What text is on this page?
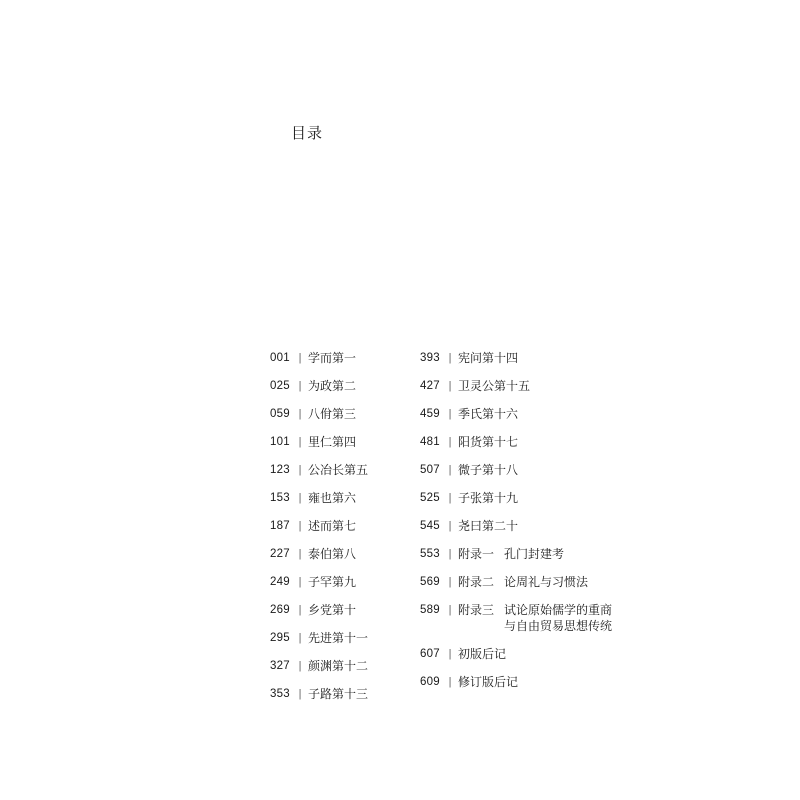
目录
001 | 学而第一
025 | 为政第二
059 | 八佾第三
101 | 里仁第四
123 | 公冶长第五
153 | 雍也第六
187 | 述而第七
227 | 泰伯第八
249 | 子罕第九
269 | 乡党第十
295 | 先进第十一
327 | 颜渊第十二
353 | 子路第十三
393 | 宪问第十四
427 | 卫灵公第十五
459 | 季氏第十六
481 | 阳货第十七
507 | 微子第十八
525 | 子张第十九
545 | 尧曰第二十
553 | 附录一 孔门封建考
569 | 附录二 论周礼与习惯法
589 | 附录三 试论原始儒学的重商
与自由贸易思想传统
607 | 初版后记
609 | 修订版后记
